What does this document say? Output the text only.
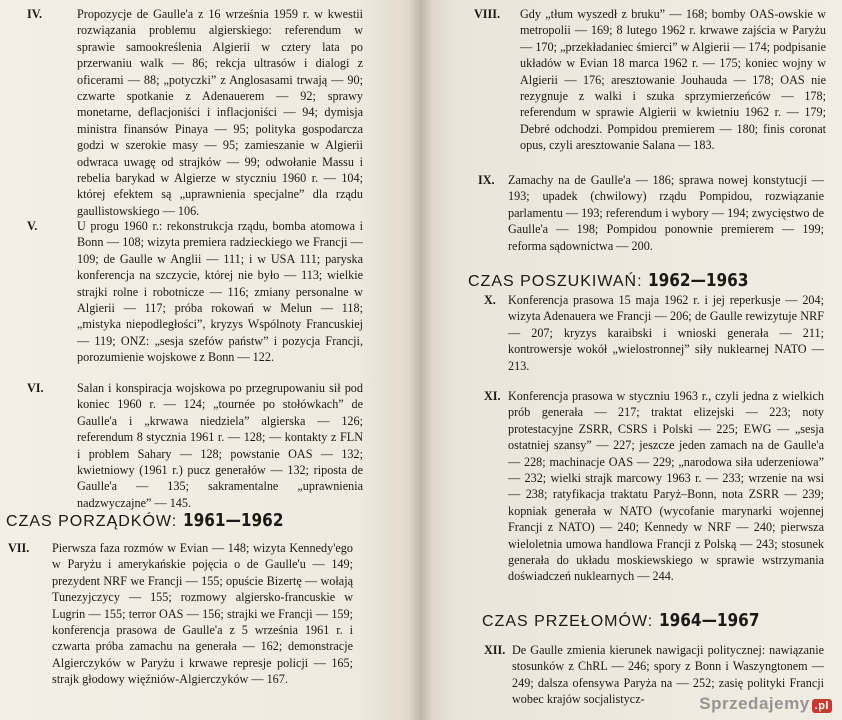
IV.	Propozycje de Gaulle'a z 16 września 1959 r. w kwestii rozwiązania problemu algierskiego: referendum w sprawie samookreślenia Algierii w cztery lata po przerwaniu walk — 86; rekcja ultrasów i dialogi z oficerami — 88; „potyczki” z Anglosasami trwają — 90; czwarte spotkanie z Adenauerem — 92; sprawy monetarne, deflacjoniści i inflacjoniści — 94; dymisja ministra finansów Pinaya — 95; polityka gospodarcza godzi w szerokie masy — 95; zamieszanie w Algierii odwraca uwagę od strajków — 99; odwołanie Massu i rebelia barykad w Algierze w styczniu 1960 r. — 104; której efektem są „uprawnienia specjalne” dla rządu gaullistowskiego — 106.
V.	U progu 1960 r.: rekonstrukcja rządu, bomba atomowa i Bonn — 108; wizyta premiera radzieckiego we Francji — 109; de Gaulle w Anglii — 111; i w USA 111; paryska konferencja na szczycie, której nie było — 113; wielkie strajki rolne i robotnicze — 116; zmiany personalne w Algierii — 117; próba rokowań w Melun — 118; „mistyka niepodległości”, kryzys Wspólnoty Francuskiej — 119; ONZ: „sesja szefów państw” i pozycja Francji, porozumienie wojskowe z Bonn — 122.
VI.	Salan i konspiracja wojskowa po przegrupowaniu sił pod koniec 1960 r. — 124; „tournée po stołówkach” de Gaulle'a i „krwawa niedziela” algierska — 126; referendum 8 stycznia 1961 r. — 128; — kontakty z FLN i problem Sahary — 128; powstanie OAS — 132; kwietniowy (1961 r.) pucz generałów — 132; riposta de Gaulle'a — 135; sakramentalne „uprawnienia nadzwyczajne” — 145.
CZAS PORZĄDKÓW: 1961—1962
VII.	Pierwsza faza rozmów w Evian — 148; wizyta Kennedy'ego w Paryżu i amerykańskie pojęcia o de Gaulle'u — 149; prezydent NRF we Francji — 155; opuście Bizertę — wołają Tunezyjczycy — 155; rozmowy algiersko-francuskie w Lugrin — 155; terror OAS — 156; strajki we Francji — 159; konferencja prasowa de Gaulle'a z 5 września 1961 r. i czwarta próba zamachu na generała — 162; demonstracje Algierczyków w Paryżu i krwawe represje policji — 165; strajk głodowy więźniów-Algierczyków — 167.
VIII.	Gdy „tłum wyszedł z bruku” — 168; bomby OAS-owskie w metropolii — 169; 8 lutego 1962 r. krwawe zajścia w Paryżu — 170; „przekładaniec śmierci” w Algierii — 174; podpisanie układów w Evian 18 marca 1962 r. — 175; koniec wojny w Algierii — 176; aresztowanie Jouhauda — 178; OAS nie rezygnuje z walki i szuka sprzymierzeńców — 178; referendum w sprawie Algierii w kwietniu 1962 r. — 179; Debré odchodzi. Pompidou premierem — 180; finis coronat opus, czyli aresztowanie Salana — 183.
IX.	Zamachy na de Gaulle'a — 186; sprawa nowej konstytucji — 193; upadek (chwilowy) rządu Pompidou, rozwiązanie parlamentu — 193; referendum i wybory — 194; zwycięstwo de Gaulle'a — 198; Pompidou ponownie premierem — 199; reforma sądownictwa — 200.
CZAS POSZUKIWAŃ: 1962—1963
X. Konferencja prasowa 15 maja 1962 r. i jej reperkusje — 204; wizyta Adenauera we Francji — 206; de Gaulle rewizytuje NRF — 207; kryzys karaibski i wnioski generała — 211; kontrowersje wokół „wielostronnej” siły nuklearnej NATO — 213.
XI. Konferencja prasowa w styczniu 1963 r., czyli jedna z wielkich prób generała — 217; traktat elizejski — 223; noty protestacyjne ZSRR, CSRS i Polski — 225; EWG — „sesja ostatniej szansy” — 227; jeszcze jeden zamach na de Gaulle'a — 228; machinacje OAS — 229; „narodowa siła uderzeniowa” — 232; wielki strajk marcowy 1963 r. — 233; wrzenie na wsi — 238; ratyfikacja traktatu Paryż–Bonn, nota ZSRR — 239; kopniak generała w NATO (wycofanie marynarki wojennej Francji z NATO) — 240; Kennedy w NRF — 240; pierwsza wieloletnia umowa handlowa Francji z Polską — 243; stosunek generała do układu moskiewskiego w sprawie wstrzymania doświadczeń nuklearnych — 244.
CZAS PRZEŁOMÓW: 1964—1967
XII. De Gaulle zmienia kierunek nawigacji politycznej: nawiązanie stosunków z ChRL — 246; spory z Bonn i Waszyngtonem — 249; dalsza ofensywa Paryża na — 252; zasię polityki Francji wobec krajów socjalistycz-	Sprzedajemy .pl
